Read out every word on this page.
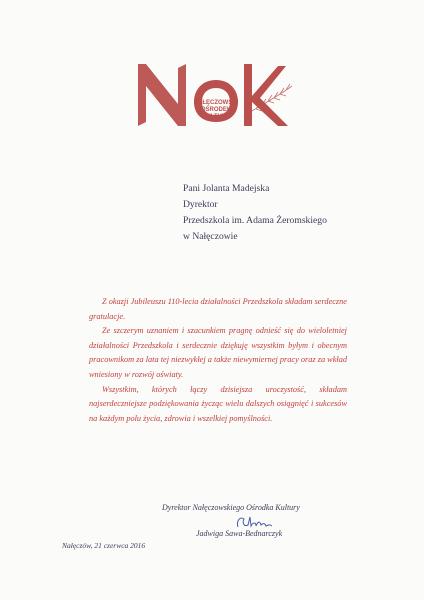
NAŁĘCZOWSKI
OŚRODEK
KULTURY
Pani Jolanta Madejska
Dyrektor
Przedszkola im. Adama Żeromskiego
w Nałęczowie

Z okazji Jubileuszu 110-lecia działalności Przedszkola składam serdeczne gratulacje.

Ze szczerym uznaniem i szacunkiem pragnę odnieść się do wieloletniej działalności Przedszkola i serdecznie dziękuję wszystkim byłym i obecnym pracownikom za lata tej niezwykłej a także niewymiernej pracy oraz za wkład wniesiony w rozwój oświaty.

Wszystkim, których łączy dzisiejsza uroczystość, składam najserdeczniejsze podziękowania życząc wielu dalszych osiągnięć i sukcesów na każdym polu życia, zdrowia i wszelkiej pomyślności.

Dyrektor Nałęczowskiego Ośrodka Kultury
Jadwiga Sawa-Bednarczyk
Nałęczów, 21 czerwca 2016
